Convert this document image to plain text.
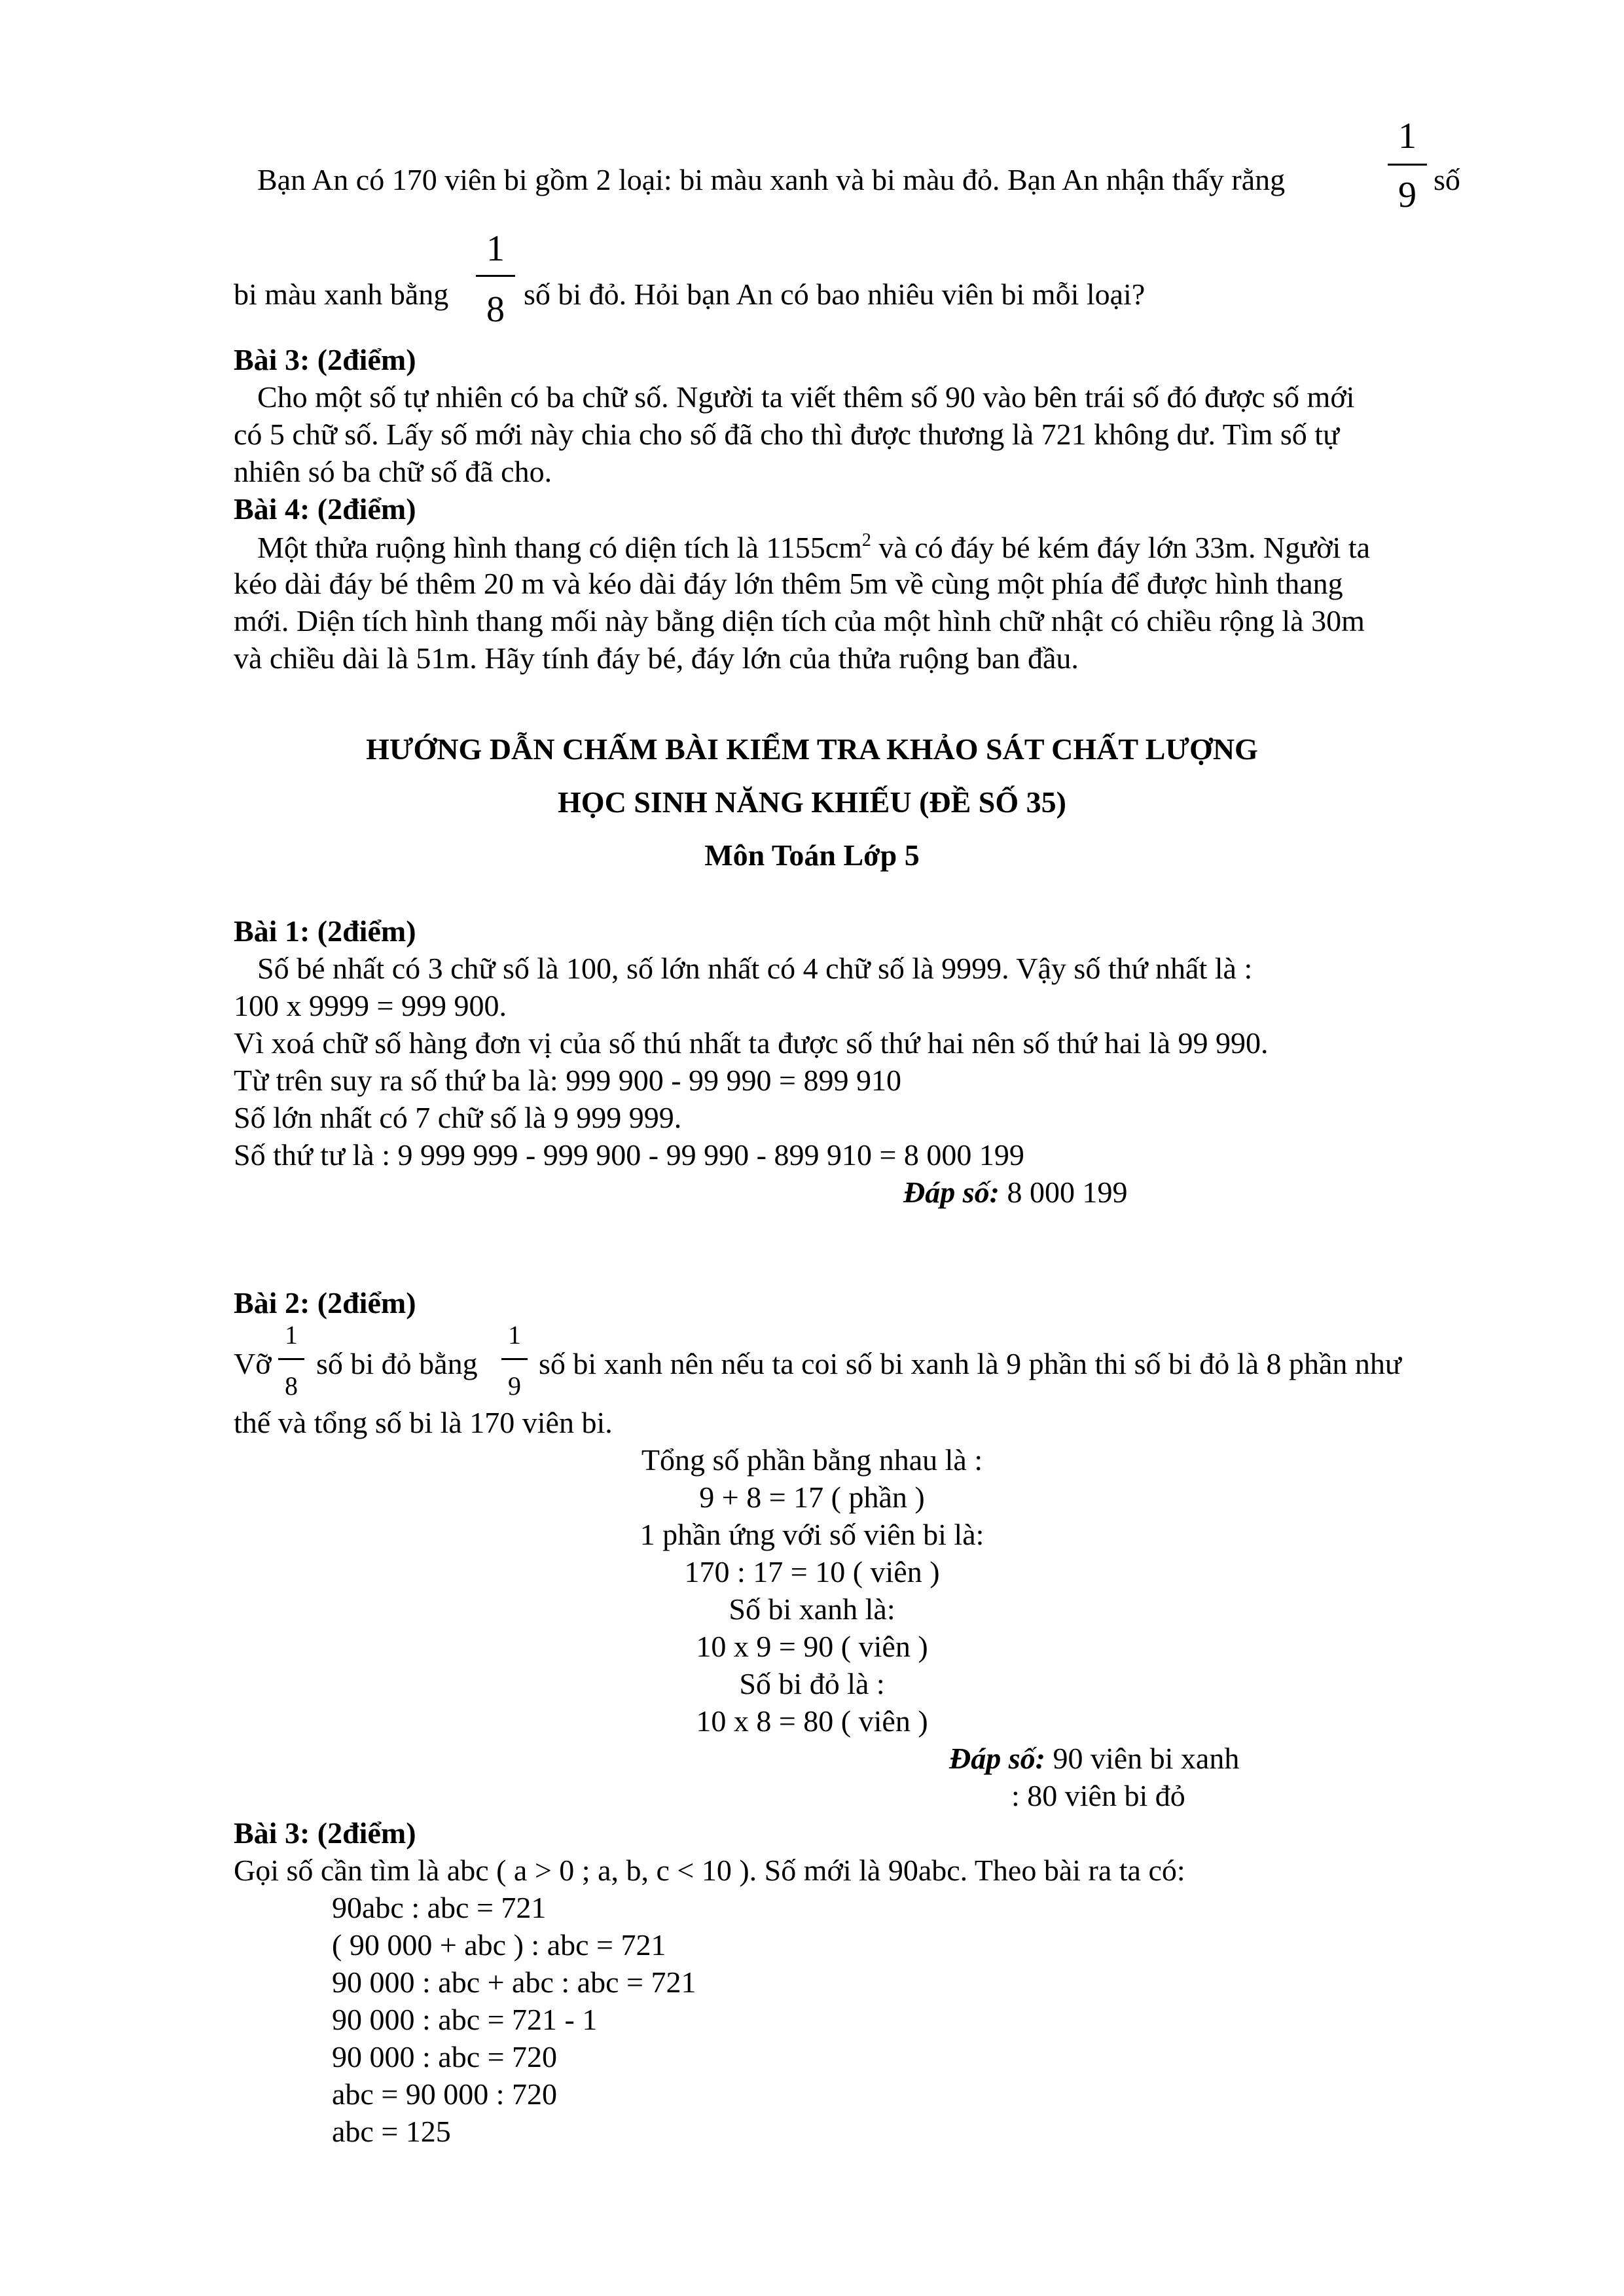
Bạn An có 170 viên bi gồm 2 loại: bi màu xanh và bi màu đỏ. Bạn An nhận thấy rằng
1
9 số
bi màu xanh bằng
1
8 số bi đỏ. Hỏi bạn An có bao nhiêu viên bi mỗi loại?
Bài 3: (2điểm)
Cho một số tự nhiên có ba chữ số. Người ta viết thêm số 90 vào bên trái số đó được số mới
có 5 chữ số. Lấy số mới này chia cho số đã cho thì được thương là 721 không dư. Tìm số tự
nhiên só ba chữ số đã cho.
Bài 4: (2điểm)
Một thửa ruộng hình thang có diện tích là $1155cm^2$ và có đáy bé kém đáy lớn 33m. Người ta
kéo dài đáy bé thêm 20 m và kéo dài đáy lớn thêm 5m về cùng một phía để được hình thang
mới. Diện tích hình thang mối này bằng diện tích của một hình chữ nhật có chiều rộng là 30m
và chiều dài là 51m. Hãy tính đáy bé, đáy lớn của thửa ruộng ban đầu.
HƯỚNG DẪN CHẤM BÀI KIỂM TRA KHẢO SÁT CHẤT LƯỢNG
HỌC SINH NĂNG KHIẾU (ĐỀ SỐ 35)
Môn Toán Lớp 5
Bài 1: (2điểm)
Số bé nhất có 3 chữ số là 100, số lớn nhất có 4 chữ số là 9999. Vậy số thứ nhất là :
100 x 9999 = 999 900.
Vì xoá chữ số hàng đơn vị của số thú nhất ta được số thứ hai nên số thứ hai là 99 990.
Từ trên suy ra số thứ ba là: 999 900 - 99 990 = 899 910
Số lớn nhất có 7 chữ số là 9 999 999.
Số thứ tư là : 9 999 999 - 999 900 - 99 990 - 899 910 = 8 000 199
Đáp số: 8 000 199
Bài 2: (2điểm)
Vỡ
1
8
số bi đỏ bằng
1
9
số bi xanh nên nếu ta coi số bi xanh là 9 phần thi số bi đỏ là 8 phần như
thế và tổng số bi là 170 viên bi.
Tổng số phần bằng nhau là :
9 + 8 = 17 ( phần )
1 phần ứng với số viên bi là:
170 : 17 = 10 ( viên )
Số bi xanh là:
10 x 9 = 90 ( viên )
Số bi đỏ là :
10 x 8 = 80 ( viên )
Đáp số: 90 viên bi xanh
: 80 viên bi đỏ
Bài 3: (2điểm)
Gọi số cần tìm là abc ( a > 0 ; a, b, c < 10 ). Số mới là 90abc. Theo bài ra ta có:
90abc : abc = 721
( 90 000 + abc ) : abc = 721
90 000 : abc + abc : abc = 721
90 000 : abc = 721 - 1
90 000 : abc = 720
abc = 90 000 : 720
abc = 125
